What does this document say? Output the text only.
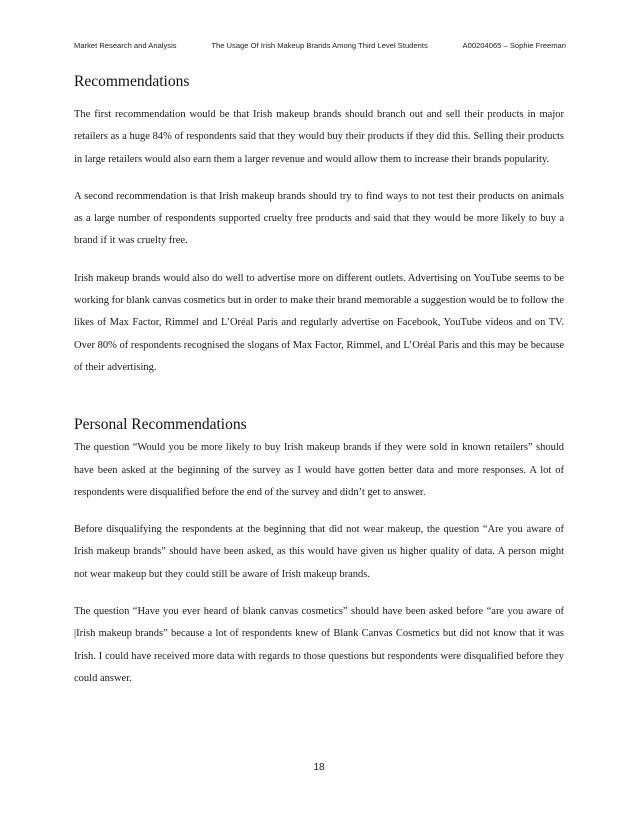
Market Research and Analysis	The Usage Of Irish Makeup Brands Among Third Level Students	A00204065 – Sophie Freeman
Recommendations

The first recommendation would be that Irish makeup brands should branch out and sell their products in major retailers as a huge 84% of respondents said that they would buy their products if they did this. Selling their products in large retailers would also earn them a larger revenue and would allow them to increase their brands popularity.

A second recommendation is that Irish makeup brands should try to find ways to not test their products on animals as a large number of respondents supported cruelty free products and said that they would be more likely to buy a brand if it was cruelty free.

Irish makeup brands would also do well to advertise more on different outlets. Advertising on YouTube seems to be working for blank canvas cosmetics but in order to make their brand memorable a suggestion would be to follow the likes of Max Factor, Rimmel and L’Oréal Paris and regularly advertise on Facebook, YouTube videos and on TV. Over 80% of respondents recognised the slogans of Max Factor, Rimmel, and L’Oréal Paris and this may be because of their advertising.

Personal Recommendations

The question “Would you be more likely to buy Irish makeup brands if they were sold in known retailers” should have been asked at the beginning of the survey as I would have gotten better data and more responses. A lot of respondents were disqualified before the end of the survey and didn’t get to answer.

Before disqualifying the respondents at the beginning that did not wear makeup, the question “Are you aware of Irish makeup brands” should have been asked, as this would have given us higher quality of data. A person might not wear makeup but they could still be aware of Irish makeup brands.

The question “Have you ever heard of blank canvas cosmetics” should have been asked before “are you aware of |Irish makeup brands” because a lot of respondents knew of Blank Canvas Cosmetics but did not know that it was Irish. I could have received more data with regards to those questions but respondents were disqualified before they could answer.

18
